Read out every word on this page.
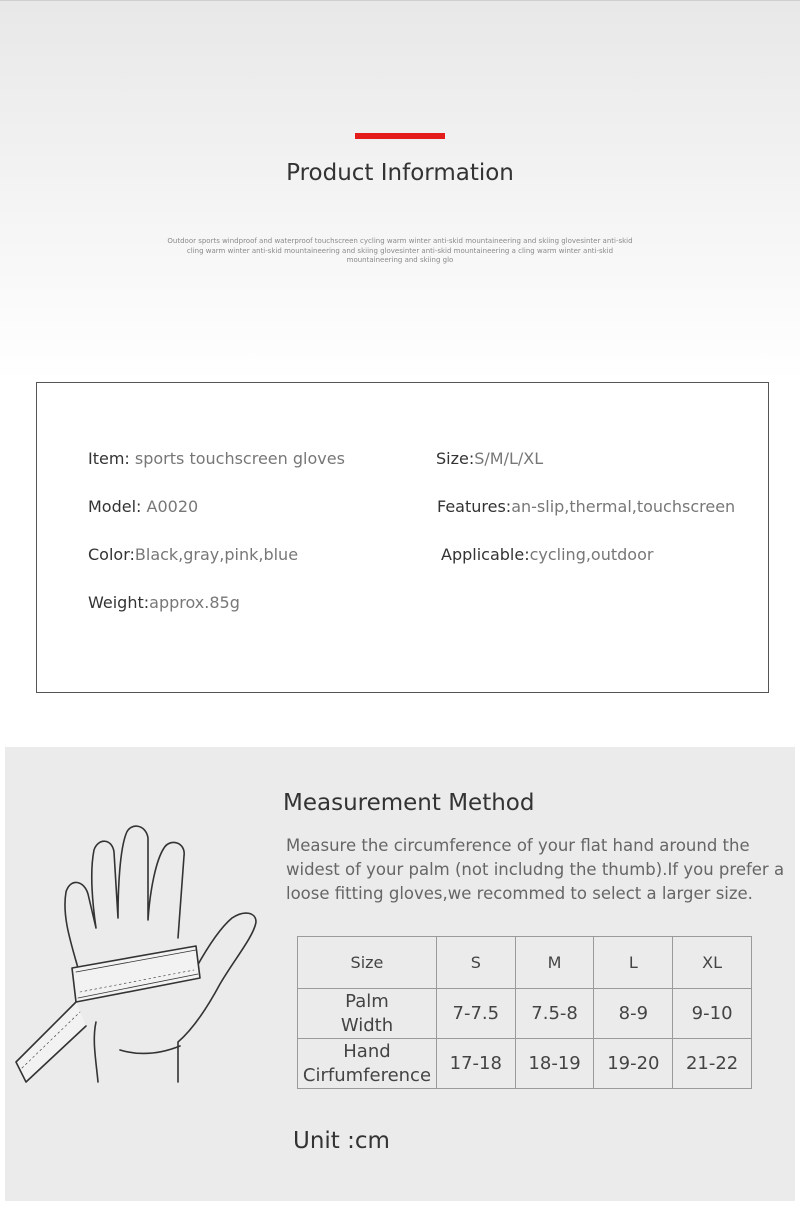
Product Information
Outdoor sports windproof and waterproof touchscreen cycling warm winter anti-skid mountaineering and skiing glovesinter anti-skid cling warm winter anti-skid mountaineering and skiing glovesinter anti-skid mountaineering a cling warm winter anti-skid mountaineering and skiing glo
Item: sports touchscreen gloves	Size:S/M/L/XL
Model: A0020	Features:an-slip,thermal,touchscreen
Color:Black,gray,pink,blue	Applicable:cycling,outdoor
Weight:approx.85g
Measurement Method
Measure the circumference of your flat hand around the widest of your palm (not includng the thumb).If you prefer a loose fitting gloves,we recommed to select a larger size.
Size	S	M	L	XL

Palm
Width	7-7.5	7.5-8	8-9	9-10

Hand
Cirfumference	17-18	18-19	19-20	21-22
Unit :cm
